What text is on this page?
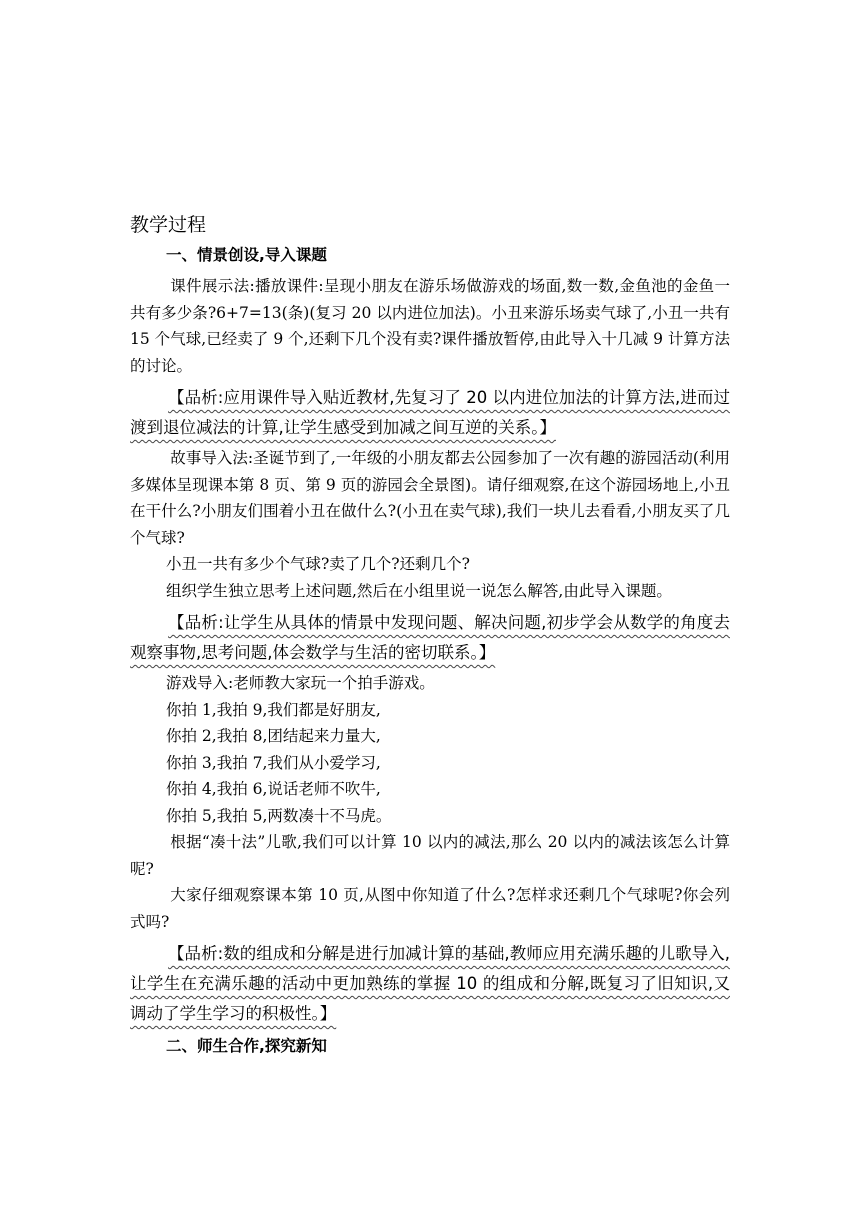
教学过程
一、情景创设,导入课题

课件展示法:播放课件:呈现小朋友在游乐场做游戏的场面,数一数,金鱼池的金鱼一共有多少条?6+7=13(条)(复习 20 以内进位加法)。小丑来游乐场卖气球了,小丑一共有 15 个气球,已经卖了 9 个,还剩下几个没有卖?课件播放暂停,由此导入十几减 9 计算方法的讨论。

【品析:应用课件导入贴近教材,先复习了 20 以内进位加法的计算方法,进而过渡到退位减法的计算,让学生感受到加减之间互逆的关系。】

故事导入法:圣诞节到了,一年级的小朋友都去公园参加了一次有趣的游园活动(利用多媒体呈现课本第 8 页、第 9 页的游园会全景图)。请仔细观察,在这个游园场地上,小丑在干什么?小朋友们围着小丑在做什么?(小丑在卖气球),我们一块儿去看看,小朋友买了几个气球?

小丑一共有多少个气球?卖了几个?还剩几个?

组织学生独立思考上述问题,然后在小组里说一说怎么解答,由此导入课题。

【品析:让学生从具体的情景中发现问题、解决问题,初步学会从数学的角度去观察事物,思考问题,体会数学与生活的密切联系。】

游戏导入:老师教大家玩一个拍手游戏。

你拍 1,我拍 9,我们都是好朋友,

你拍 2,我拍 8,团结起来力量大,

你拍 3,我拍 7,我们从小爱学习,

你拍 4,我拍 6,说话老师不吹牛,

你拍 5,我拍 5,两数凑十不马虎。

根据“凑十法”儿歌,我们可以计算 10 以内的减法,那么 20 以内的减法该怎么计算呢?

大家仔细观察课本第 10 页,从图中你知道了什么?怎样求还剩几个气球呢?你会列式吗?

【品析:数的组成和分解是进行加减计算的基础,教师应用充满乐趣的儿歌导入,让学生在充满乐趣的活动中更加熟练的掌握 10 的组成和分解,既复习了旧知识,又调动了学生学习的积极性。】

二、师生合作,探究新知
